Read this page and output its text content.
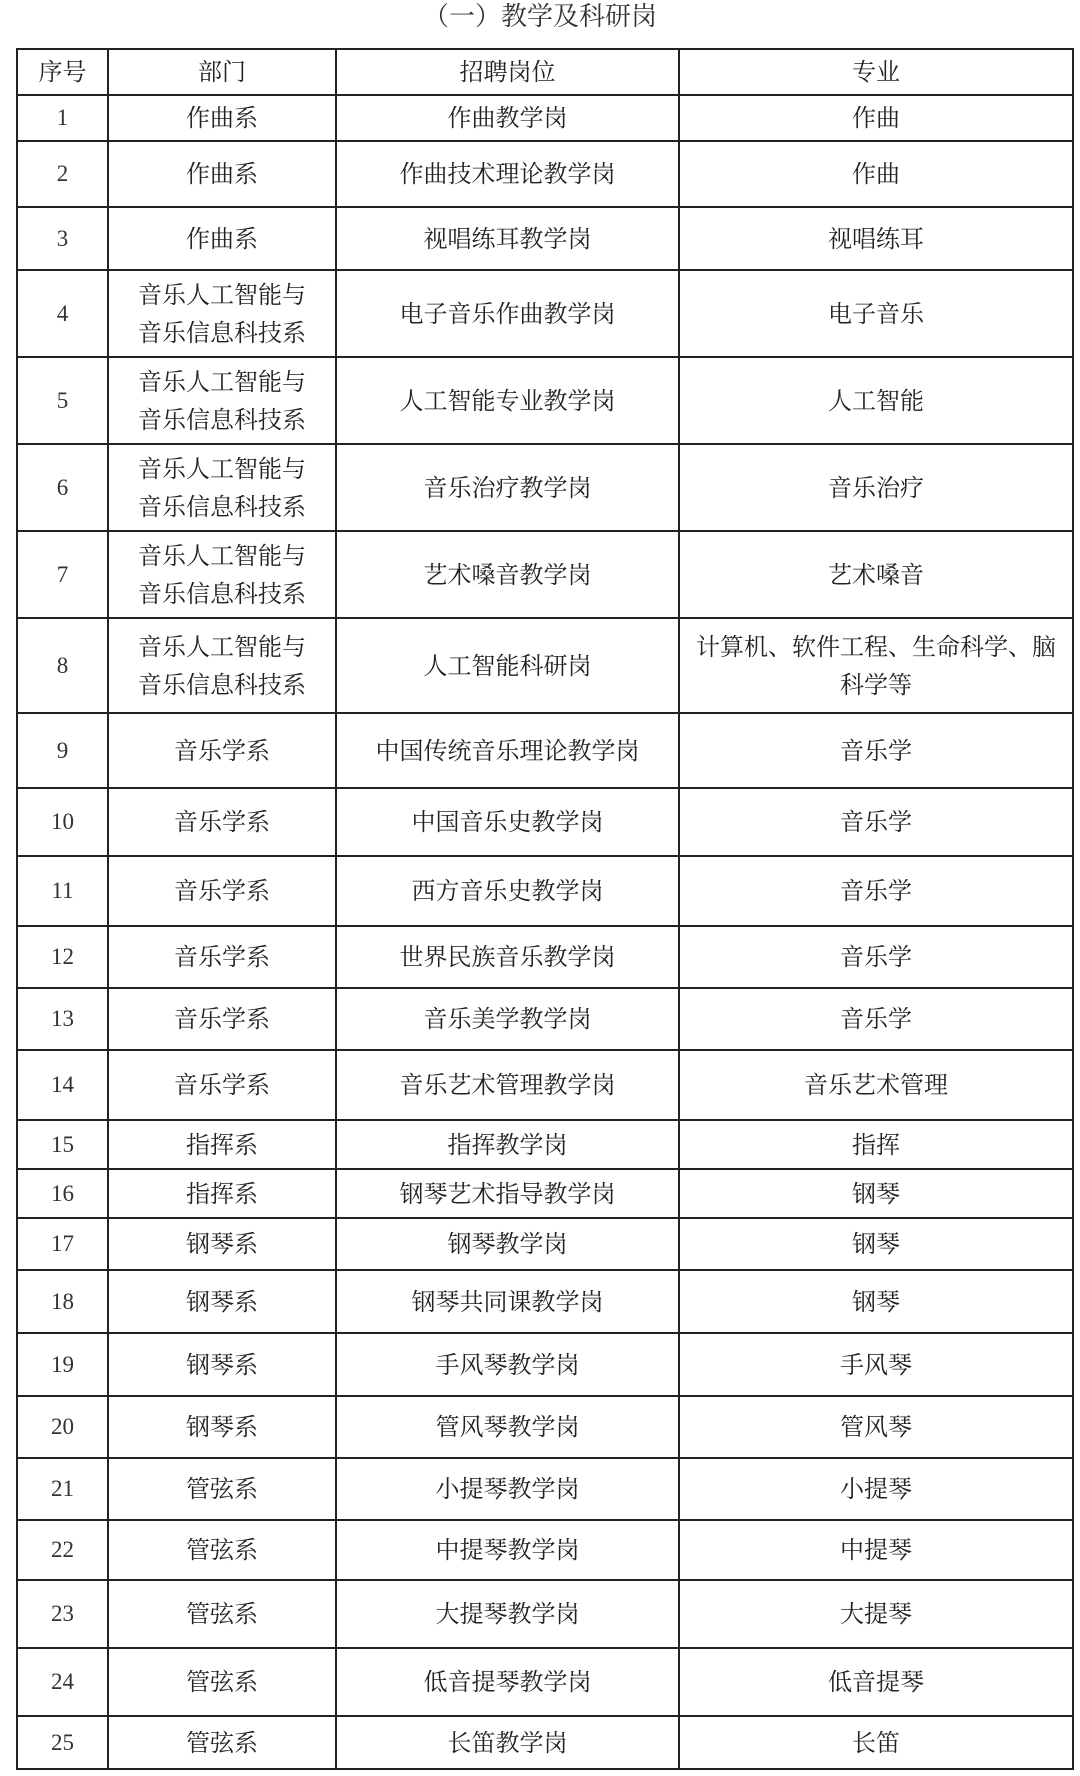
（一）教学及科研岗
序号	部门	招聘岗位	专业
1	作曲系	作曲教学岗	作曲
2	作曲系	作曲技术理论教学岗	作曲
3	作曲系	视唱练耳教学岗	视唱练耳
4	音乐人工智能与音乐信息科技系	电子音乐作曲教学岗	电子音乐
5	音乐人工智能与音乐信息科技系	人工智能专业教学岗	人工智能
6	音乐人工智能与音乐信息科技系	音乐治疗教学岗	音乐治疗
7	音乐人工智能与音乐信息科技系	艺术嗓音教学岗	艺术嗓音
8	音乐人工智能与音乐信息科技系	人工智能科研岗	计算机、软件工程、生命科学、脑科学等
9	音乐学系	中国传统音乐理论教学岗	音乐学
10	音乐学系	中国音乐史教学岗	音乐学
11	音乐学系	西方音乐史教学岗	音乐学
12	音乐学系	世界民族音乐教学岗	音乐学
13	音乐学系	音乐美学教学岗	音乐学
14	音乐学系	音乐艺术管理教学岗	音乐艺术管理
15	指挥系	指挥教学岗	指挥
16	指挥系	钢琴艺术指导教学岗	钢琴
17	钢琴系	钢琴教学岗	钢琴
18	钢琴系	钢琴共同课教学岗	钢琴
19	钢琴系	手风琴教学岗	手风琴
20	钢琴系	管风琴教学岗	管风琴
21	管弦系	小提琴教学岗	小提琴
22	管弦系	中提琴教学岗	中提琴
23	管弦系	大提琴教学岗	大提琴
24	管弦系	低音提琴教学岗	低音提琴
25	管弦系	长笛教学岗	长笛
